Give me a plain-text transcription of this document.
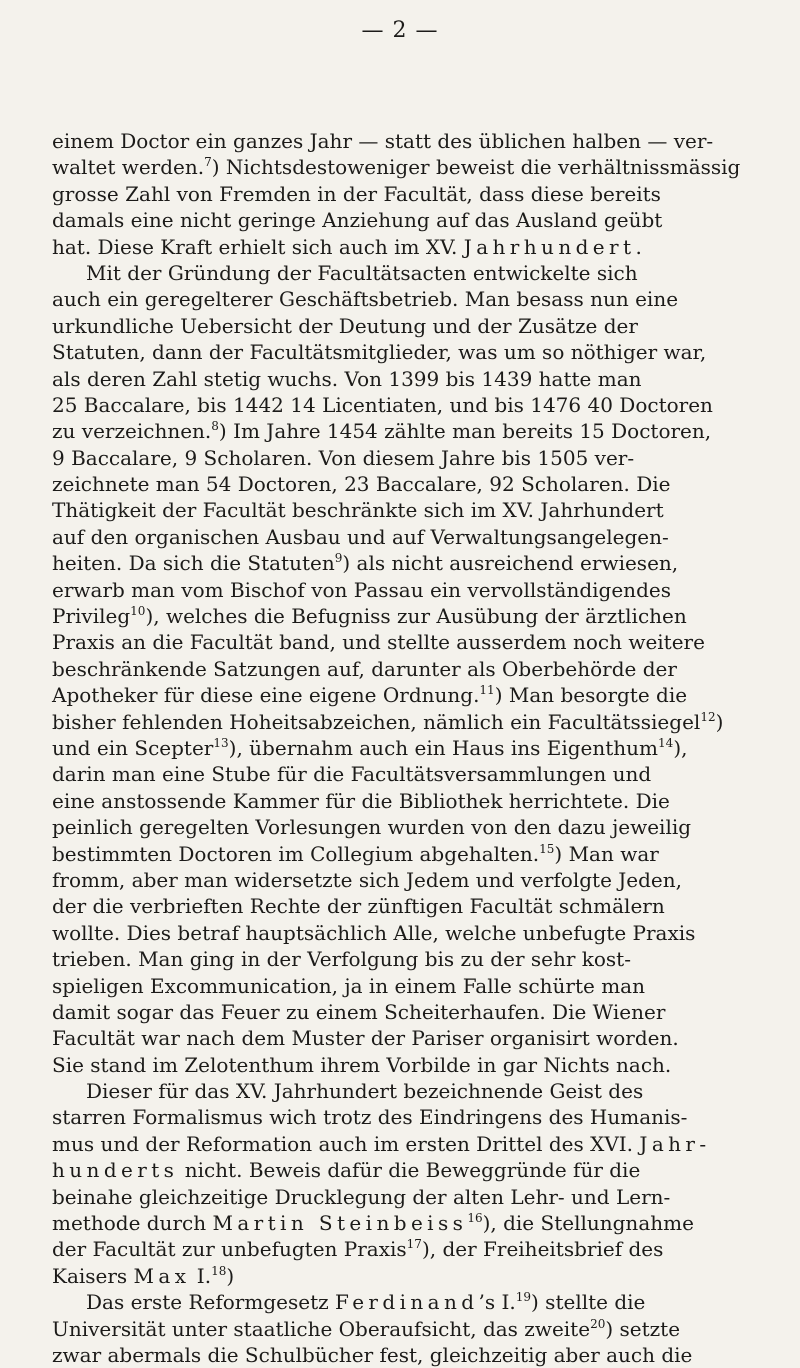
— 2 —
einem Doctor ein ganzes Jahr — statt des üblichen halben — ver-
waltet werden.$^7$) Nichtsdestoweniger beweist die verhältnissmässig
grosse Zahl von Fremden in der Facultät, dass diese bereits
damals eine nicht geringe Anziehung auf das Ausland geübt
hat. Diese Kraft erhielt sich auch im XV. Jahrhundert.
Mit der Gründung der Facultätsacten entwickelte sich
auch ein geregelterer Geschäftsbetrieb. Man besass nun eine
urkundliche Uebersicht der Deutung und der Zusätze der
Statuten, dann der Facultätsmitglieder, was um so nöthiger war,
als deren Zahl stetig wuchs. Von 1399 bis 1439 hatte man
25 Baccalare, bis 1442 14 Licentiaten, und bis 1476 40 Doctoren
zu verzeichnen.$^8$) Im Jahre 1454 zählte man bereits 15 Doctoren,
9 Baccalare, 9 Scholaren. Von diesem Jahre bis 1505 ver-
zeichnete man 54 Doctoren, 23 Baccalare, 92 Scholaren. Die
Thätigkeit der Facultät beschränkte sich im XV. Jahrhundert
auf den organischen Ausbau und auf Verwaltungsangelegen-
heiten. Da sich die Statuten$^9$) als nicht ausreichend erwiesen,
erwarb man vom Bischof von Passau ein vervollständigendes
Privileg$^{10}$), welches die Befugniss zur Ausübung der ärztlichen
Praxis an die Facultät band, und stellte ausserdem noch weitere
beschränkende Satzungen auf, darunter als Oberbehörde der
Apotheker für diese eine eigene Ordnung.$^{11}$) Man besorgte die
bisher fehlenden Hoheitsabzeichen, nämlich ein Facultätssiegel$^{12}$)
und ein Scepter$^{13}$), übernahm auch ein Haus ins Eigenthum$^{14}$),
darin man eine Stube für die Facultätsversammlungen und
eine anstossende Kammer für die Bibliothek herrichtete. Die
peinlich geregelten Vorlesungen wurden von den dazu jeweilig
bestimmten Doctoren im Collegium abgehalten.$^{15}$) Man war
fromm, aber man widersetzte sich Jedem und verfolgte Jeden,
der die verbrieften Rechte der zünftigen Facultät schmälern
wollte. Dies betraf hauptsächlich Alle, welche unbefugte Praxis
trieben. Man ging in der Verfolgung bis zu der sehr kost-
spieligen Excommunication, ja in einem Falle schürte man
damit sogar das Feuer zu einem Scheiterhaufen. Die Wiener
Facultät war nach dem Muster der Pariser organisirt worden.
Sie stand im Zelotenthum ihrem Vorbilde in gar Nichts nach.
Dieser für das XV. Jahrhundert bezeichnende Geist des
starren Formalismus wich trotz des Eindringens des Humanis-
mus und der Reformation auch im ersten Drittel des XVI. Jahr-
hunderts nicht. Beweis dafür die Beweggründe für die
beinahe gleichzeitige Drucklegung der alten Lehr- und Lern-
methode durch Martin Steinbeiss$^{16}$), die Stellungnahme
der Facultät zur unbefugten Praxis$^{17}$), der Freiheitsbrief des
Kaisers Max I.$^{18}$)
Das erste Reformgesetz Ferdinand’s I.$^{19}$) stellte die
Universität unter staatliche Oberaufsicht, das zweite$^{20}$) setzte
zwar abermals die Schulbücher fest, gleichzeitig aber auch die
